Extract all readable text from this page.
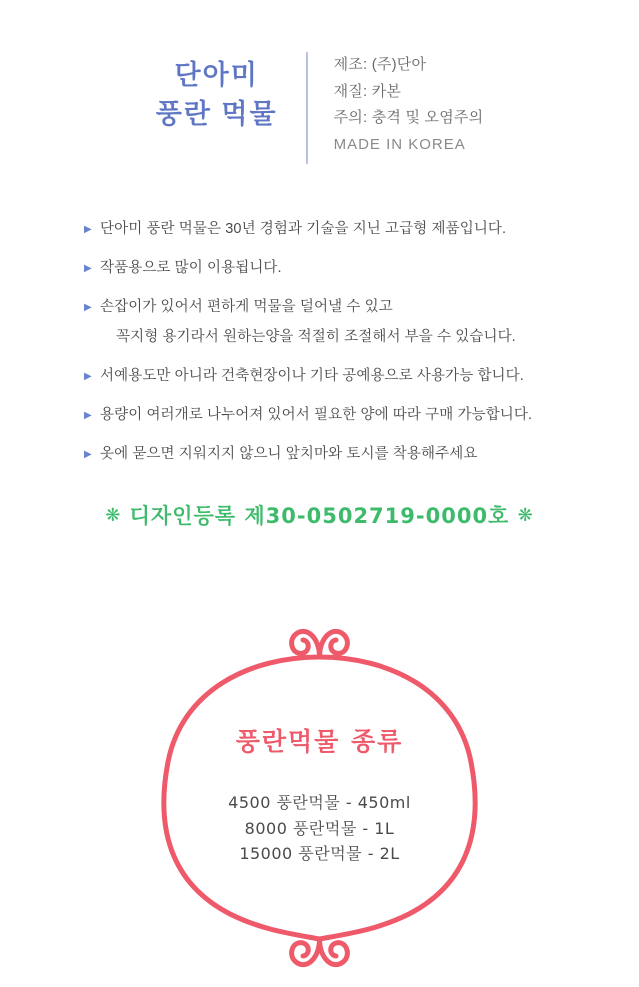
단아미
풍란 먹물
제조: (주)단아
재질: 카본
주의: 충격 및 오염주의
MADE IN KOREA
▶ 단아미 풍란 먹물은 30년 경험과 기술을 지닌 고급형 제품입니다.
▶ 작품용으로 많이 이용됩니다.
▶ 손잡이가 있어서 편하게 먹물을 덜어낼 수 있고
꼭지형 용기라서 원하는양을 적절히 조절해서 부을 수 있습니다.
▶ 서예용도만 아니라 건축현장이나 기타 공예용으로 사용가능 합니다.
▶ 용량이 여러개로 나누어져 있어서 필요한 양에 따라 구매 가능합니다.
▶ 옷에 묻으면 지워지지 않으니 앞치마와 토시를 착용해주세요
❋ 디자인등록 제30-0502719-0000호 ❋
풍란먹물 종류
4500 풍란먹물 - 450ml
8000 풍란먹물 - 1L
15000 풍란먹물 - 2L
